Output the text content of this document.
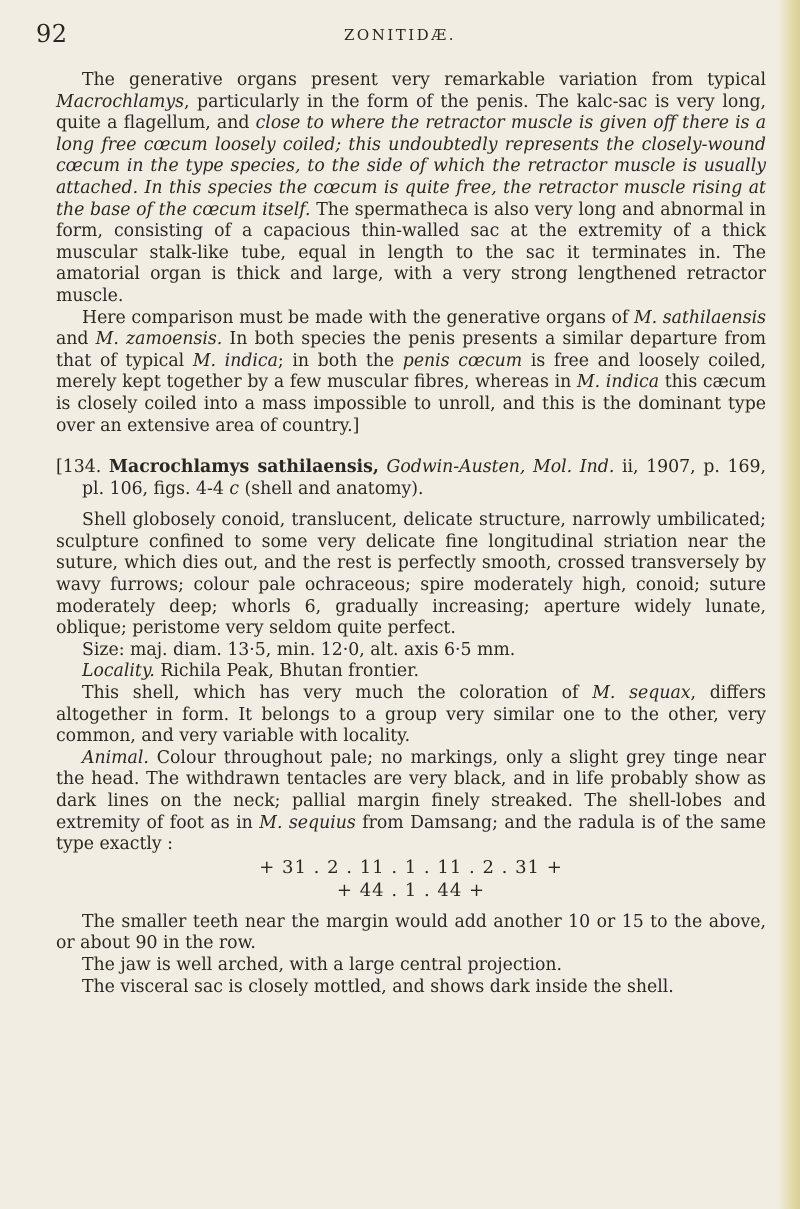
92	ZONITIDÆ.

The generative organs present very remarkable variation from typical Macrochlamys, particularly in the form of the penis. The kalc-sac is very long, quite a flagellum, and close to where the retractor muscle is given off there is a long free cœcum loosely coiled; this undoubtedly represents the closely-wound cœcum in the type species, to the side of which the retractor muscle is usually attached. In this species the cœcum is quite free, the retractor muscle rising at the base of the cœcum itself. The spermatheca is also very long and abnormal in form, consisting of a capacious thin-walled sac at the extremity of a thick muscular stalk-like tube, equal in length to the sac it terminates in. The amatorial organ is thick and large, with a very strong lengthened retractor muscle.

Here comparison must be made with the generative organs of M. sathilaensis and M. zamoensis. In both species the penis presents a similar departure from that of typical M. indica; in both the penis cœcum is free and loosely coiled, merely kept together by a few muscular fibres, whereas in M. indica this cæcum is closely coiled into a mass impossible to unroll, and this is the dominant type over an extensive area of country.]

[134. Macrochlamys sathilaensis, Godwin-Austen, Mol. Ind. ii, 1907, p. 169, pl. 106, figs. 4-4 c (shell and anatomy).

Shell globosely conoid, translucent, delicate structure, narrowly umbilicated; sculpture confined to some very delicate fine longitudinal striation near the suture, which dies out, and the rest is perfectly smooth, crossed transversely by wavy furrows; colour pale ochraceous; spire moderately high, conoid; suture moderately deep; whorls 6, gradually increasing; aperture widely lunate, oblique; peristome very seldom quite perfect.

Size: maj. diam. 13·5, min. 12·0, alt. axis 6·5 mm.

Locality. Richila Peak, Bhutan frontier.

This shell, which has very much the coloration of M. sequax, differs altogether in form. It belongs to a group very similar one to the other, very common, and very variable with locality.

Animal. Colour throughout pale; no markings, only a slight grey tinge near the head. The withdrawn tentacles are very black, and in life probably show as dark lines on the neck; pallial margin finely streaked. The shell-lobes and extremity of foot as in M. sequius from Damsang; and the radula is of the same type exactly :

+ 31 . 2 . 11 . 1 . 11 . 2 . 31 +
+ 44 . 1 . 44 +

The smaller teeth near the margin would add another 10 or 15 to the above, or about 90 in the row.

The jaw is well arched, with a large central projection.

The visceral sac is closely mottled, and shows dark inside the shell.
